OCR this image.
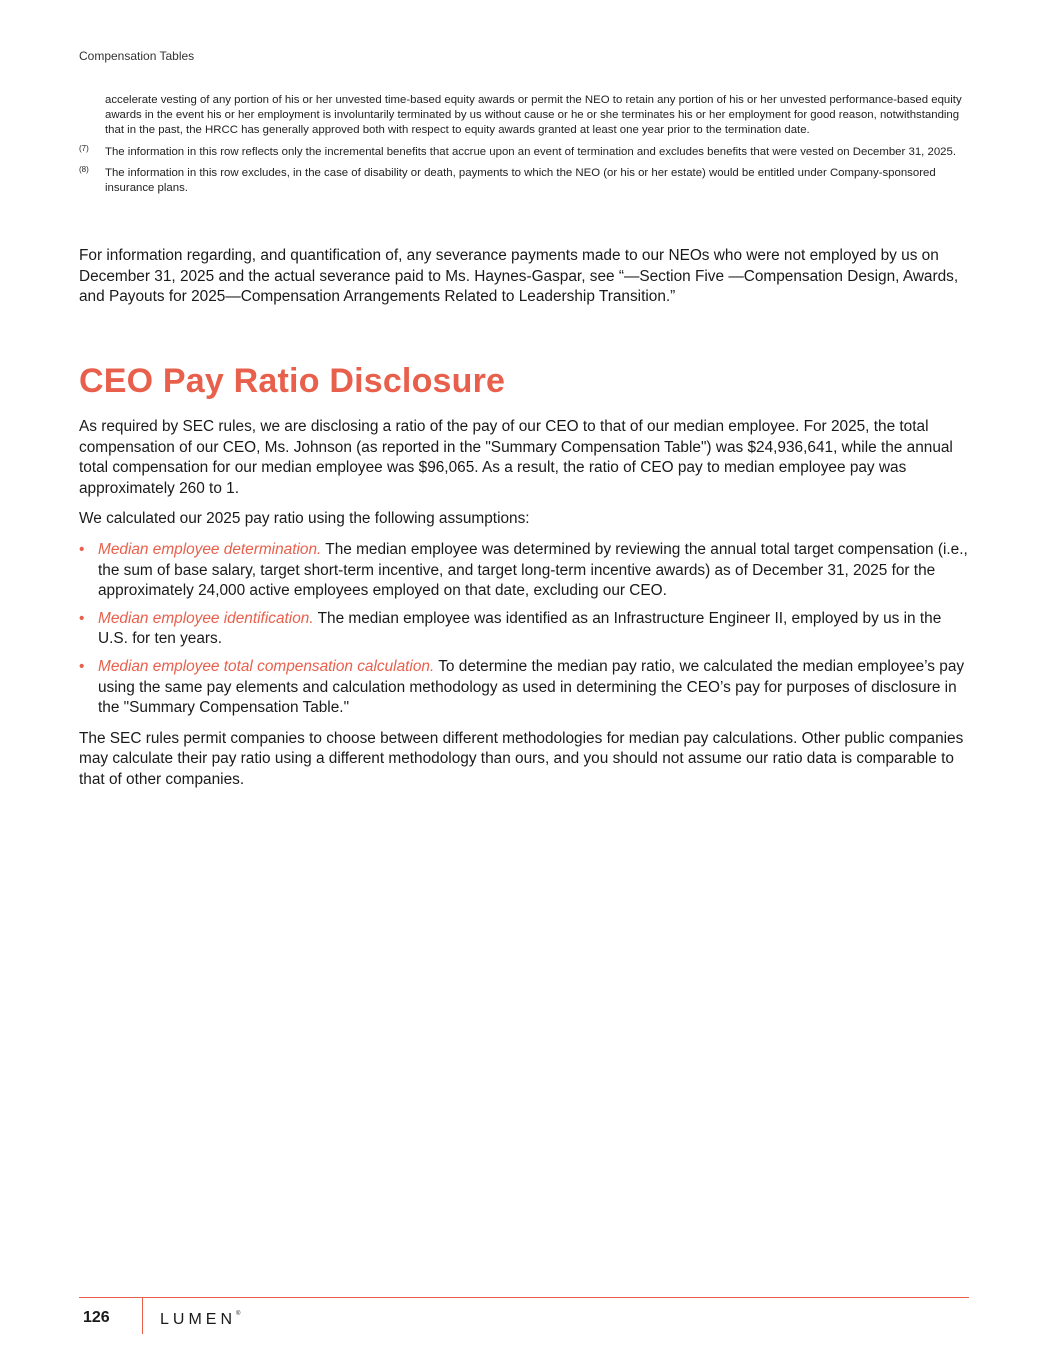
Compensation Tables
accelerate vesting of any portion of his or her unvested time-based equity awards or permit the NEO to retain any portion of his or her unvested performance-based equity awards in the event his or her employment is involuntarily terminated by us without cause or he or she terminates his or her employment for good reason, notwithstanding that in the past, the HRCC has generally approved both with respect to equity awards granted at least one year prior to the termination date.
(7)	The information in this row reflects only the incremental benefits that accrue upon an event of termination and excludes benefits that were vested on December 31, 2025.
(8)	The information in this row excludes, in the case of disability or death, payments to which the NEO (or his or her estate) would be entitled under Company-sponsored insurance plans.
For information regarding, and quantification of, any severance payments made to our NEOs who were not employed by us on December 31, 2025 and the actual severance paid to Ms. Haynes-Gaspar, see “—Section Five —Compensation Design, Awards, and Payouts for 2025—Compensation Arrangements Related to Leadership Transition.”
CEO Pay Ratio Disclosure

As required by SEC rules, we are disclosing a ratio of the pay of our CEO to that of our median employee. For 2025, the total compensation of our CEO, Ms. Johnson (as reported in the "Summary Compensation Table") was $24,936,641, while the annual total compensation for our median employee was $96,065. As a result, the ratio of CEO pay to median employee pay was approximately 260 to 1.

We calculated our 2025 pay ratio using the following assumptions:

• Median employee determination. The median employee was determined by reviewing the annual total target compensation (i.e., the sum of base salary, target short-term incentive, and target long-term incentive awards) as of December 31, 2025 for the approximately 24,000 active employees employed on that date, excluding our CEO.
• Median employee identification. The median employee was identified as an Infrastructure Engineer II, employed by us in the U.S. for ten years.
• Median employee total compensation calculation. To determine the median pay ratio, we calculated the median employee’s pay using the same pay elements and calculation methodology as used in determining the CEO’s pay for purposes of disclosure in the "Summary Compensation Table."

The SEC rules permit companies to choose between different methodologies for median pay calculations. Other public companies may calculate their pay ratio using a different methodology than ours, and you should not assume our ratio data is comparable to that of other companies.

126	LUMEN®
